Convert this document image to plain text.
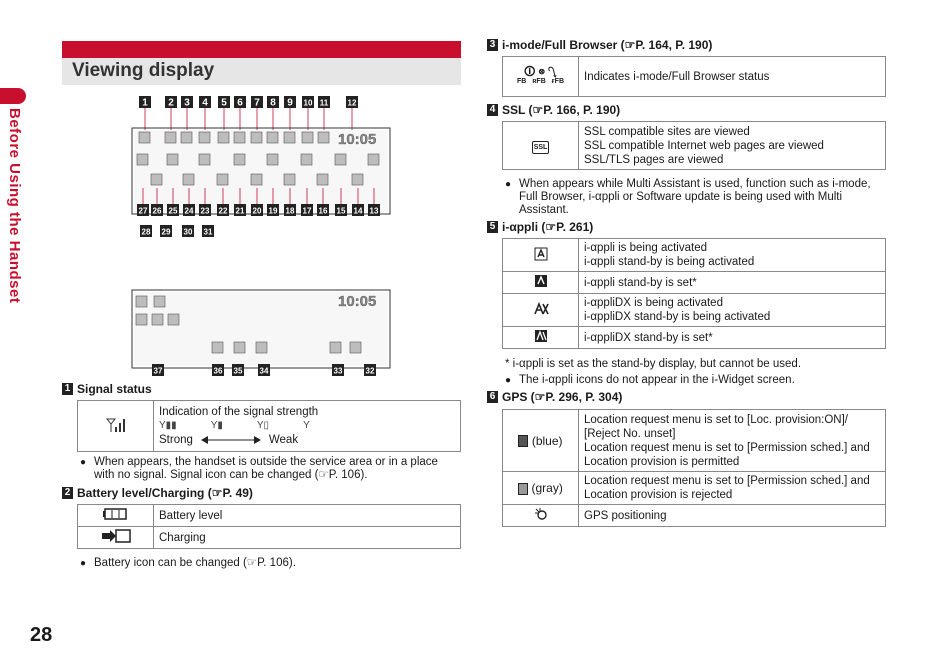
Before Using the Handset
28
Viewing display
1 2 3 4 5 6 7 8 9 10 11 12
10:05
27 26 25 24 23 22 21 20 19 18 17 16 15 14 13
28 29 30 31
10:05
37	36 35 34	33	32
1 Signal status

Indication of the signal strength
Y▮▮	Y▮	Y▯	Y
Strong	Weak
● When appears, the handset is outside the service area or in a place with no signal. Signal icon can be changed (☞P. 106).
2 Battery level/Charging (☞P. 49)
	Battery level
	Charging
● Battery icon can be changed (☞P. 106).
3 i-mode/Full Browser (☞P. 164, P. 190)
🛈 ⭙ ⭛
FB ʀFB ғFB	Indicates i-mode/Full Browser status
4 SSL (☞P. 166, P. 190)
SSL	
SSL compatible sites are viewed
SSL compatible Internet web pages are viewed
SSL/TLS pages are viewed
● When appears while Multi Assistant is used, function such as i-mode, Full Browser, i-αppli or Software update is being used with Multi Assistant.
5 i-αppli (☞P. 261)

i-αppli is being activated
i-αppli stand-by is being activated

	i-αppli stand-by is set*

i-αppliDX is being activated
i-αppliDX stand-by is being activated

	i-αppliDX stand-by is set*
* i-αppli is set as the stand-by display, but cannot be used.
● The i-αppli icons do not appear in the i-Widget screen.
6 GPS (☞P. 296, P. 304)
(blue)	Location request menu is set to [Loc. provision:ON]/
[Reject No. unset]
Location request menu is set to [Permission sched.] and
Location provision is permitted

(gray)	Location request menu is set to [Permission sched.] and
Location provision is rejected

	GPS positioning
